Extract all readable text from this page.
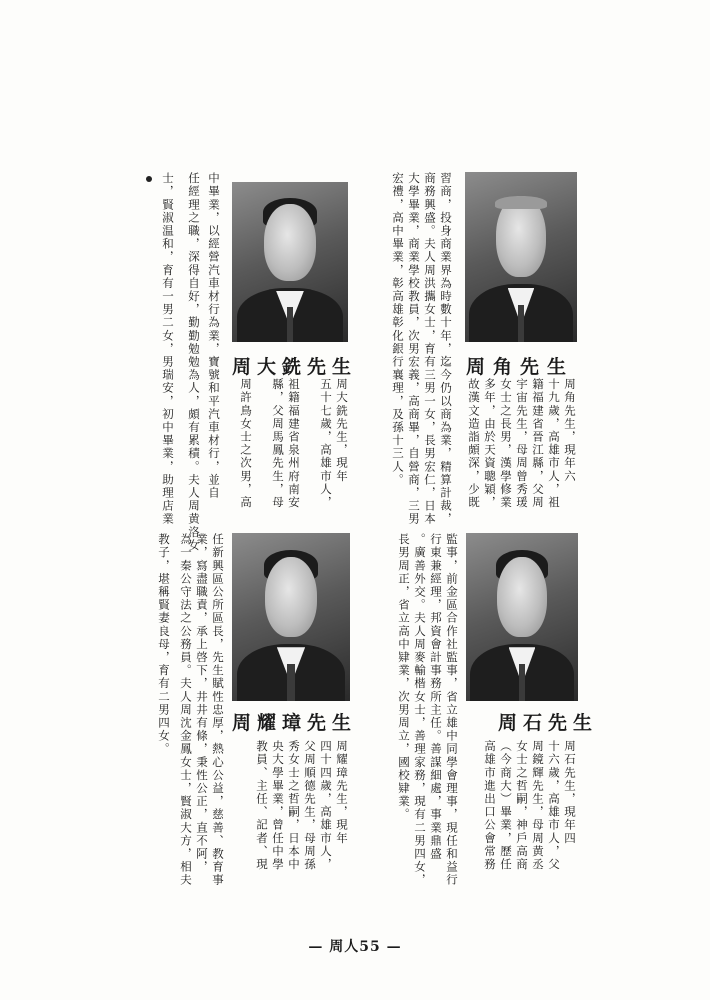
周角先生
周角先生，現年六
十九歲，高雄市人，祖
籍福建省晉江縣，父周
宇宙先生，母周曾秀瑗
女士之長男，漢學修業
多年，由於天資聰穎，
故漢文造詣頗深，少既
習商，投身商業界為時數十年，迄今仍以商為業，精算計裁，
商務興盛。夫人周洪攜女士，育有三男一女，長男宏仁，日本
大學畢業，商業學校教員，次男宏義，高商畢，自營商，三男
宏禮，高中畢業，彰高雄彰化銀行襄理，及孫十三人。
周大銑先生
周大銑先生，現年
五十七歲，高雄市人，
祖籍福建省泉州府南安
縣，父周馬鳳先生，母
周許鳥女士之次男，高
中畢業，以經營汽車材行為業，寶號和平汽車材行，並自
任經理之職，深得自好，勤勤勉勉為人，頗有累積。夫人周黄洛女
士，賢淑温和，育有一男二女，男瑞安，初中畢業，助理店業
周石先生
周石先生，現年四
十六歲，高雄市人，父
周鏡輝先生，母周黄丞
女士之哲嗣，神戶高商
（今商大）畢業，歷任
高雄市進出口公會常務
監事，前金區合作社監事，省立雄中同學會理事，現任和益行
行東兼經理，邦資會計事務所主任。善謀細處，事業鼎盛
。廣善外交。夫人周麥輸楷女士，善理家務，現有二男四女，
長男周正，省立高中肄業，次男周立，國校肄業。
周耀璋先生
周耀璋先生，現年
四十四歲，高雄市人，
父周順德先生，母周孫
秀女士之哲嗣，日本中
央大學畢業，曾任中學
教員、主任、記者、現
任新興區公所區長，先生賦性忠厚，熱心公益，慈善、教育事
業，寫盡職責，承上啓下，井井有條，秉性公正，直不阿，
為一秦公守法之公務員。夫人周沈金鳳女士，賢淑大方，相夫
教子，堪稱賢妻良母，育有二男四女。
— 周人55 —
